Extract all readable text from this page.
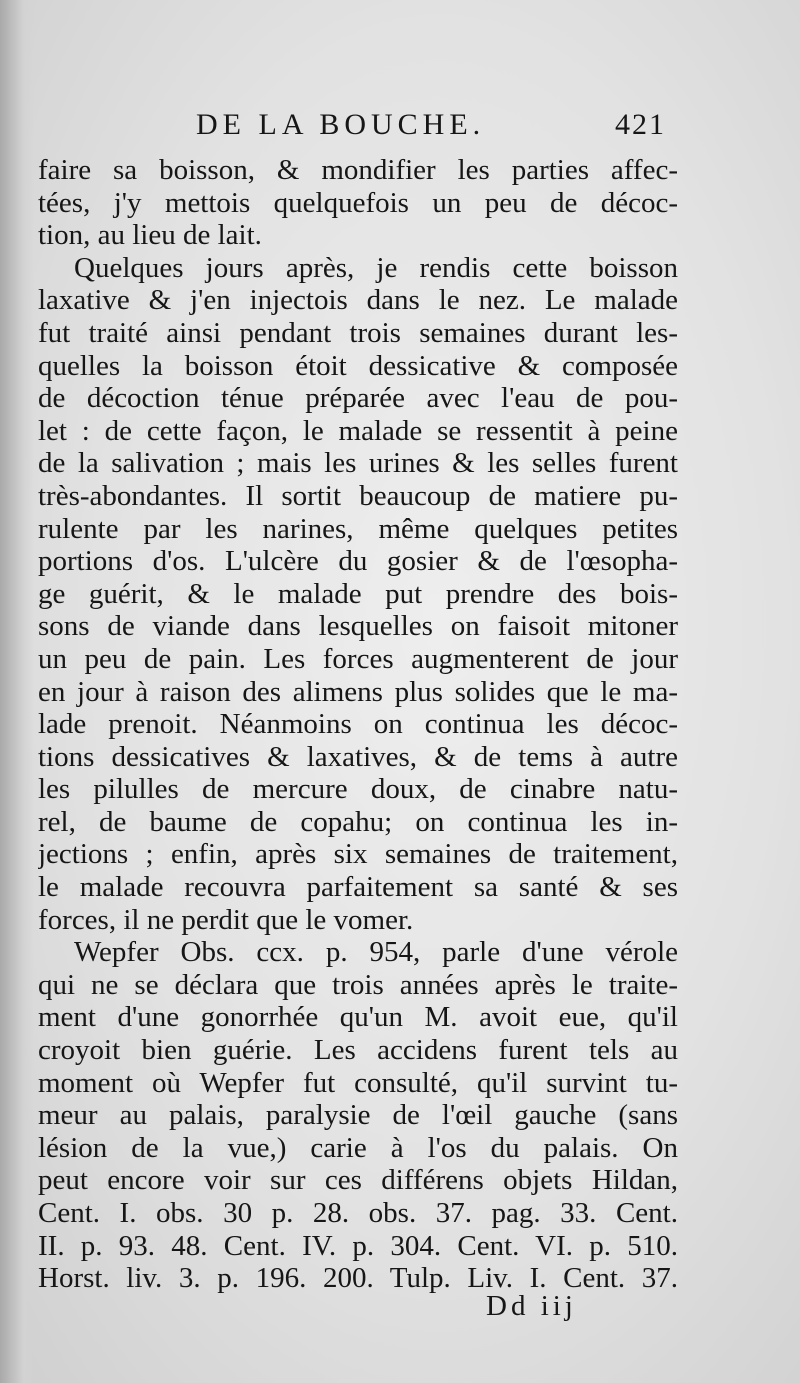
DE LA BOUCHE.	421
faire sa boisson, & mondifier les parties affec-
tées, j'y mettois quelquefois un peu de décoc-
tion, au lieu de lait.
Quelques jours après, je rendis cette boisson
laxative & j'en injectois dans le nez. Le malade
fut traité ainsi pendant trois semaines durant les-
quelles la boisson étoit dessicative & composée
de décoction ténue préparée avec l'eau de pou-
let : de cette façon, le malade se ressentit à peine
de la salivation ; mais les urines & les selles furent
très-abondantes. Il sortit beaucoup de matiere pu-
rulente par les narines, même quelques petites
portions d'os. L'ulcère du gosier & de l'œsopha-
ge guérit, & le malade put prendre des bois-
sons de viande dans lesquelles on faisoit mitoner
un peu de pain. Les forces augmenterent de jour
en jour à raison des alimens plus solides que le ma-
lade prenoit. Néanmoins on continua les décoc-
tions dessicatives & laxatives, & de tems à autre
les pilulles de mercure doux, de cinabre natu-
rel, de baume de copahu; on continua les in-
jections ; enfin, après six semaines de traitement,
le malade recouvra parfaitement sa santé & ses
forces, il ne perdit que le vomer.
Wepfer Obs. ccx. p. 954, parle d'une vérole
qui ne se déclara que trois années après le traite-
ment d'une gonorrhée qu'un M. avoit eue, qu'il
croyoit bien guérie. Les accidens furent tels au
moment où Wepfer fut consulté, qu'il survint tu-
meur au palais, paralysie de l'œil gauche (sans
lésion de la vue,) carie à l'os du palais. On
peut encore voir sur ces différens objets Hildan,
Cent. I. obs. 30 p. 28. obs. 37. pag. 33. Cent.
II. p. 93. 48. Cent. IV. p. 304. Cent. VI. p. 510.
Horst. liv. 3. p. 196. 200. Tulp. Liv. I. Cent. 37.
Dd iij
